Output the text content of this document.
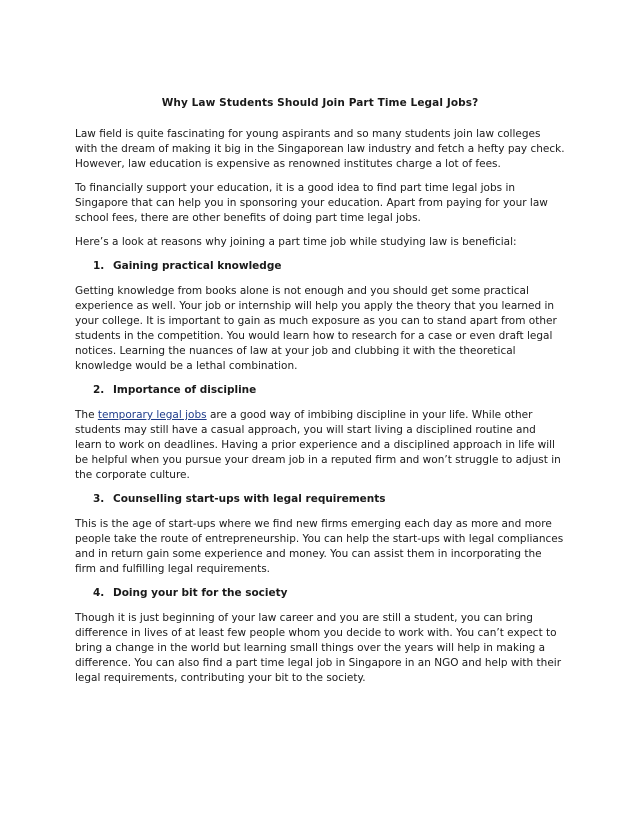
Why Law Students Should Join Part Time Legal Jobs?

Law field is quite fascinating for young aspirants and so many students join law colleges with the dream of making it big in the Singaporean law industry and fetch a hefty pay check. However, law education is expensive as renowned institutes charge a lot of fees.

To financially support your education, it is a good idea to find part time legal jobs in Singapore that can help you in sponsoring your education. Apart from paying for your law school fees, there are other benefits of doing part time legal jobs.

Here’s a look at reasons why joining a part time job while studying law is beneficial:

1. Gaining practical knowledge

Getting knowledge from books alone is not enough and you should get some practical experience as well. Your job or internship will help you apply the theory that you learned in your college. It is important to gain as much exposure as you can to stand apart from other students in the competition. You would learn how to research for a case or even draft legal notices. Learning the nuances of law at your job and clubbing it with the theoretical knowledge would be a lethal combination.

2. Importance of discipline

The temporary legal jobs are a good way of imbibing discipline in your life. While other students may still have a casual approach, you will start living a disciplined routine and learn to work on deadlines. Having a prior experience and a disciplined approach in life will be helpful when you pursue your dream job in a reputed firm and won’t struggle to adjust in the corporate culture.

3. Counselling start-ups with legal requirements

This is the age of start-ups where we find new firms emerging each day as more and more people take the route of entrepreneurship. You can help the start-ups with legal compliances and in return gain some experience and money. You can assist them in incorporating the firm and fulfilling legal requirements.

4. Doing your bit for the society

Though it is just beginning of your law career and you are still a student, you can bring difference in lives of at least few people whom you decide to work with. You can’t expect to bring a change in the world but learning small things over the years will help in making a difference. You can also find a part time legal job in Singapore in an NGO and help with their legal requirements, contributing your bit to the society.
